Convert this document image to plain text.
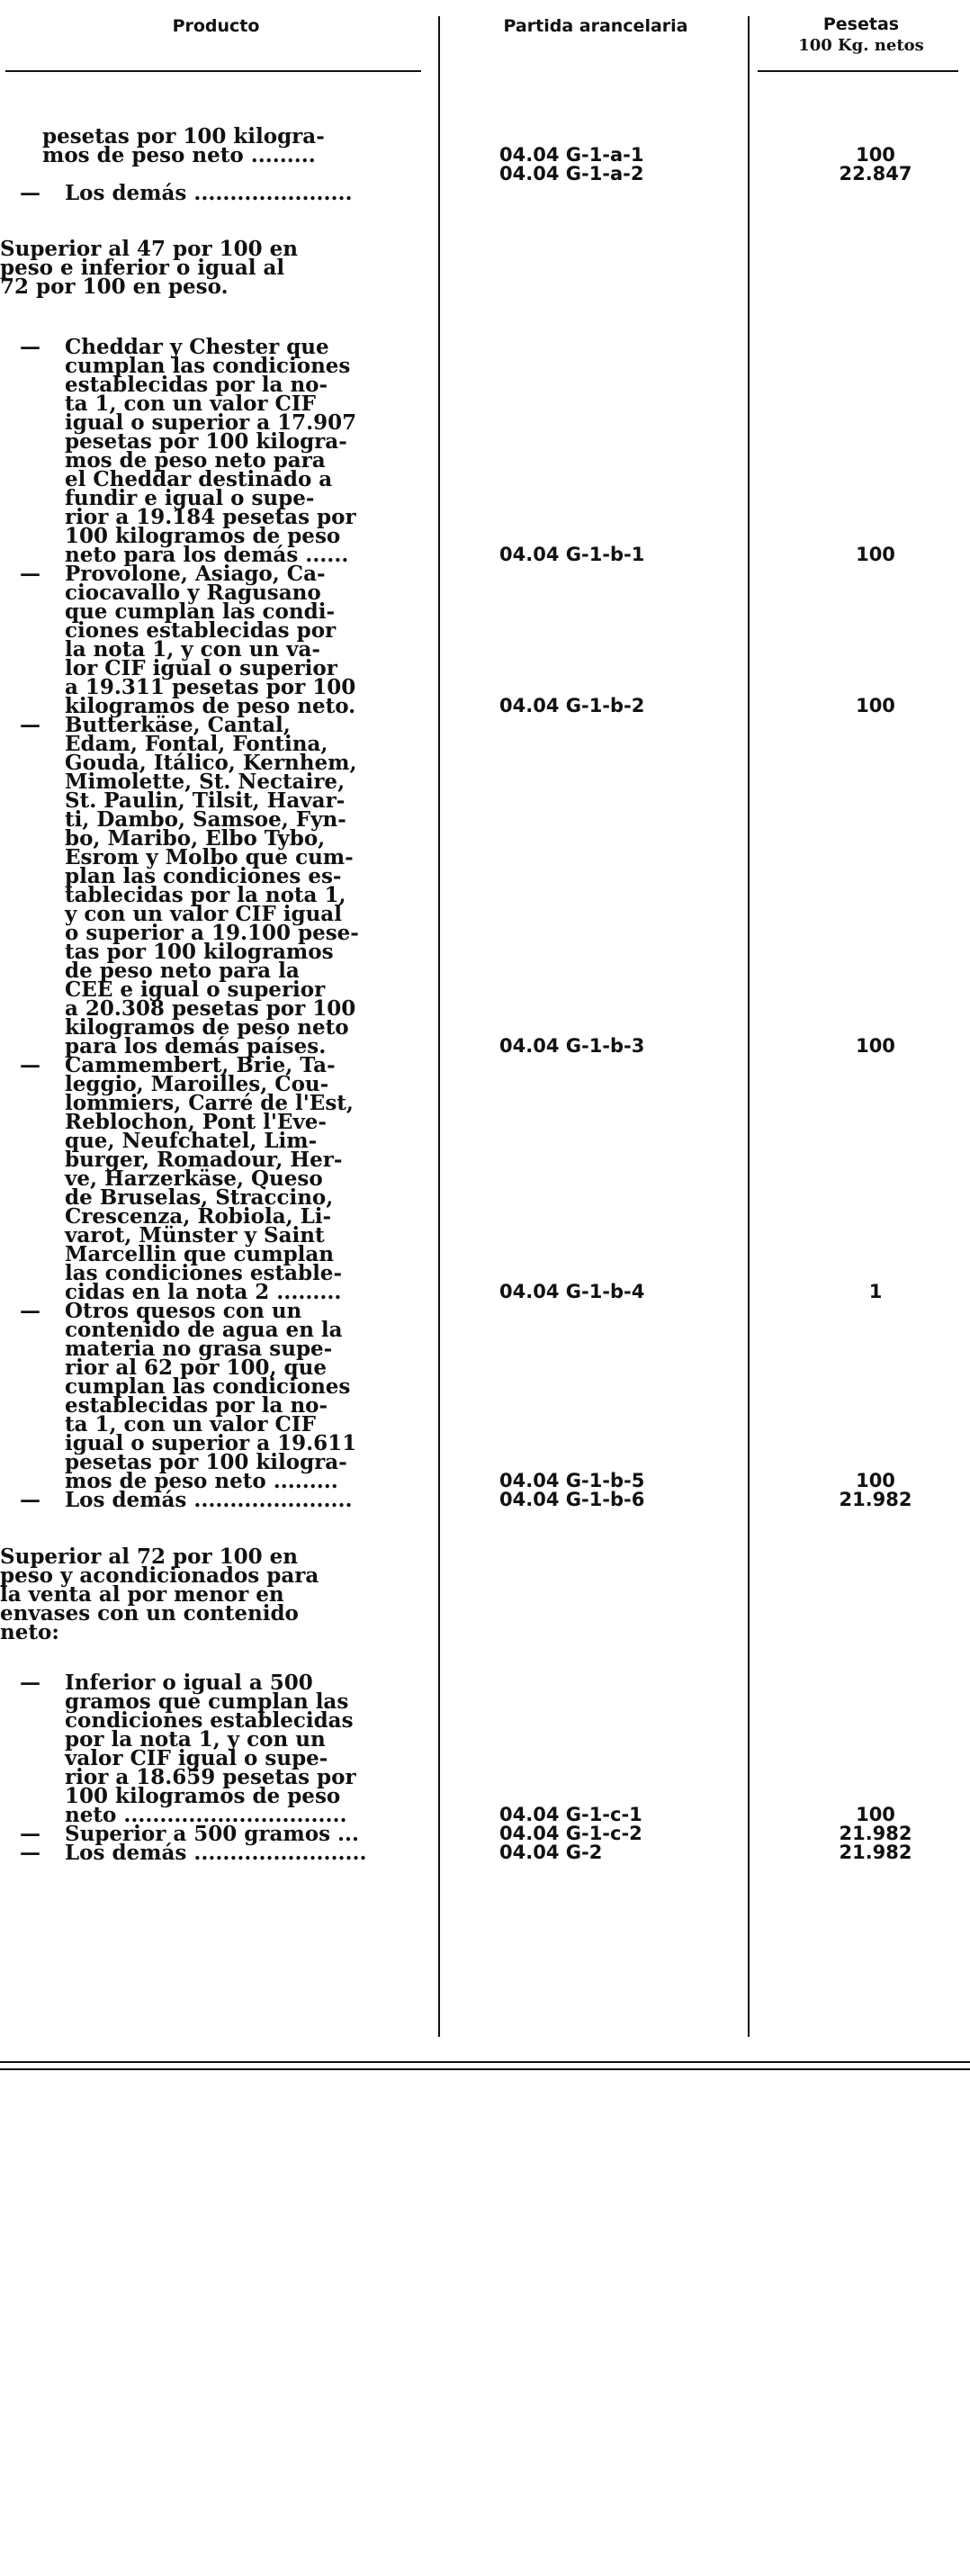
Producto	Partida arancelaria	Pesetas
100 Kg. netos
pesetas por 100 kilogra-
mos de peso neto .........

— Los demás ......................
Superior al 47 por 100 en
peso e inferior o igual al
72 por 100 en peso.
— Cheddar y Chester que
cumplan las condiciones
establecidas por la no-
ta 1, con un valor CIF
igual o superior a 17.907
pesetas por 100 kilogra-
mos de peso neto para
el Cheddar destinado a
fundir e igual o supe-
rior a 19.184 pesetas por
100 kilogramos de peso
neto para los demás ......
— Provolone, Asiago, Ca-
ciocavallo y Ragusano
que cumplan las condi-
ciones establecidas por
la nota 1, y con un va-
lor CIF igual o superior
a 19.311 pesetas por 100
kilogramos de peso neto.
— Butterkäse, Cantal,
Edam, Fontal, Fontina,
Gouda, Itálico, Kernhem,
Mimolette, St. Nectaire,
St. Paulin, Tilsit, Havar-
ti, Dambo, Samsoe, Fyn-
bo, Maribo, Elbo Tybo,
Esrom y Molbo que cum-
plan las condiciones es-
tablecidas por la nota 1,
y con un valor CIF igual
o superior a 19.100 pese-
tas por 100 kilogramos
de peso neto para la
CEE e igual o superior
a 20.308 pesetas por 100
kilogramos de peso neto
para los demás países.
— Cammembert, Brie, Ta-
leggio, Maroilles, Cou-
lommiers, Carré de l'Est,
Reblochon, Pont l'Eve-
que, Neufchatel, Lim-
burger, Romadour, Her-
ve, Harzerkäse, Queso
de Bruselas, Straccino,
Crescenza, Robiola, Li-
varot, Münster y Saint
Marcellin que cumplan
las condiciones estable-
cidas en la nota 2 .........
— Otros quesos con un
contenido de agua en la
materia no grasa supe-
rior al 62 por 100, que
cumplan las condiciones
establecidas por la no-
ta 1, con un valor CIF
igual o superior a 19.611
pesetas por 100 kilogra-
mos de peso neto .........
— Los demás ......................
Superior al 72 por 100 en
peso y acondicionados para
la venta al por menor en
envases con un contenido
neto:
— Inferior o igual a 500
gramos que cumplan las
condiciones establecidas
por la nota 1, y con un
valor CIF igual o supe-
rior a 18.659 pesetas por
100 kilogramos de peso
neto ...............................
— Superior a 500 gramos ...
— Los demás ........................
04.04 G-1-a-1
04.04 G-1-a-2
04.04 G-1-b-1
04.04 G-1-b-2
04.04 G-1-b-3
04.04 G-1-b-4
04.04 G-1-b-5
04.04 G-1-b-6
04.04 G-1-c-1
04.04 G-1-c-2
04.04 G-2
100
22.847
100
100
100
1
100
21.982
100
21.982
21.982
